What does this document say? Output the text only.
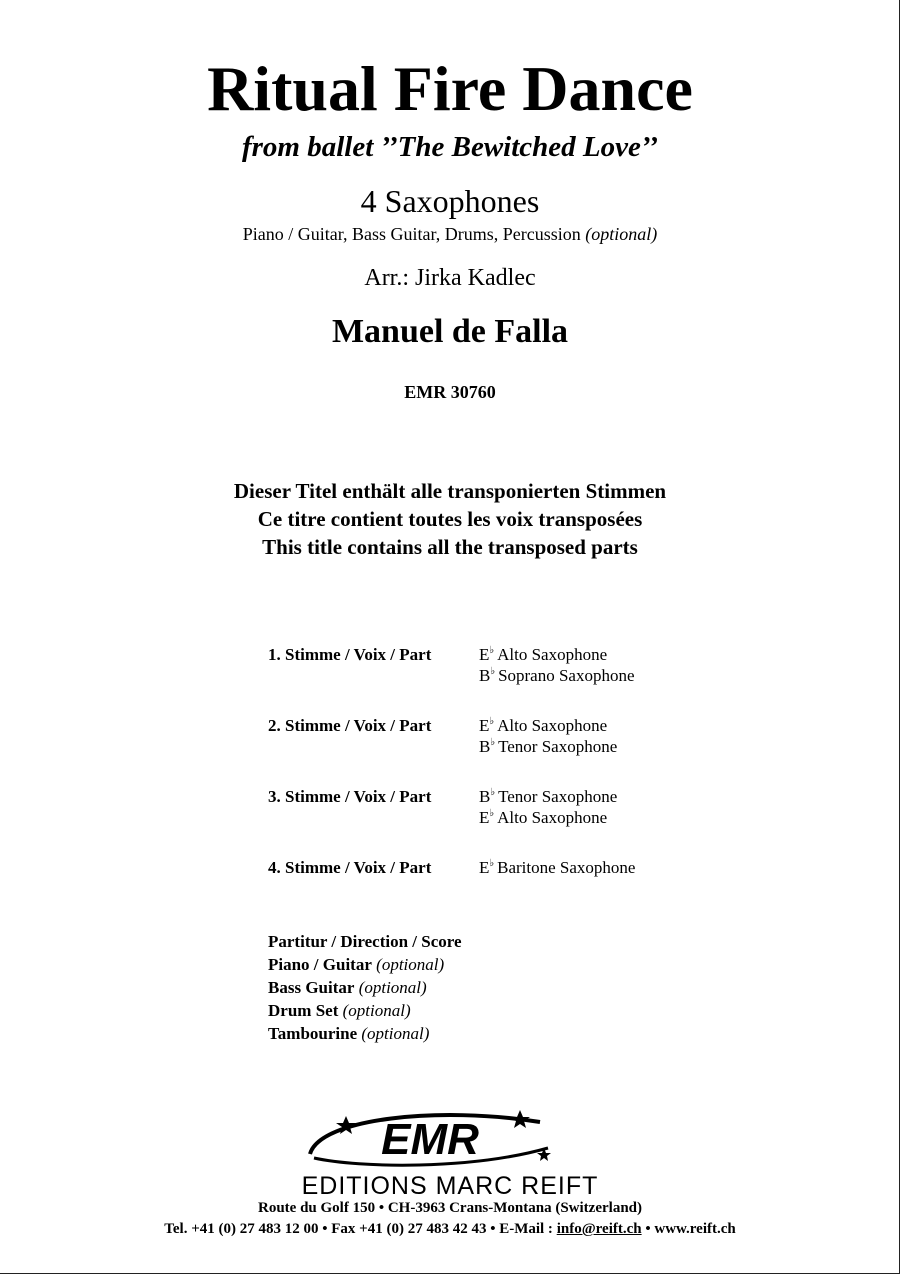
Ritual Fire Dance
from ballet ’’The Bewitched Love’’
4 Saxophones
Piano / Guitar, Bass Guitar, Drums, Percussion (optional)
Arr.: Jirka Kadlec
Manuel de Falla
EMR 30760
Dieser Titel enthält alle transponierten Stimmen
Ce titre contient toutes les voix transposées
This title contains all the transposed parts
1. Stimme / Voix / Part	E♭ Alto Saxophone
B♭ Soprano Saxophone
2. Stimme / Voix / Part	E♭ Alto Saxophone
B♭ Tenor Saxophone
3. Stimme / Voix / Part	B♭ Tenor Saxophone
E♭ Alto Saxophone
4. Stimme / Voix / Part	E♭ Baritone Saxophone
Partitur / Direction / Score
Piano / Guitar (optional)
Bass Guitar (optional)
Drum Set (optional)
Tambourine (optional)
EMR
EDITIONS MARC REIFT
Route du Golf 150 • CH-3963 Crans-Montana (Switzerland)
Tel. +41 (0) 27 483 12 00 • Fax +41 (0) 27 483 42 43 • E-Mail : info@reift.ch • www.reift.ch
